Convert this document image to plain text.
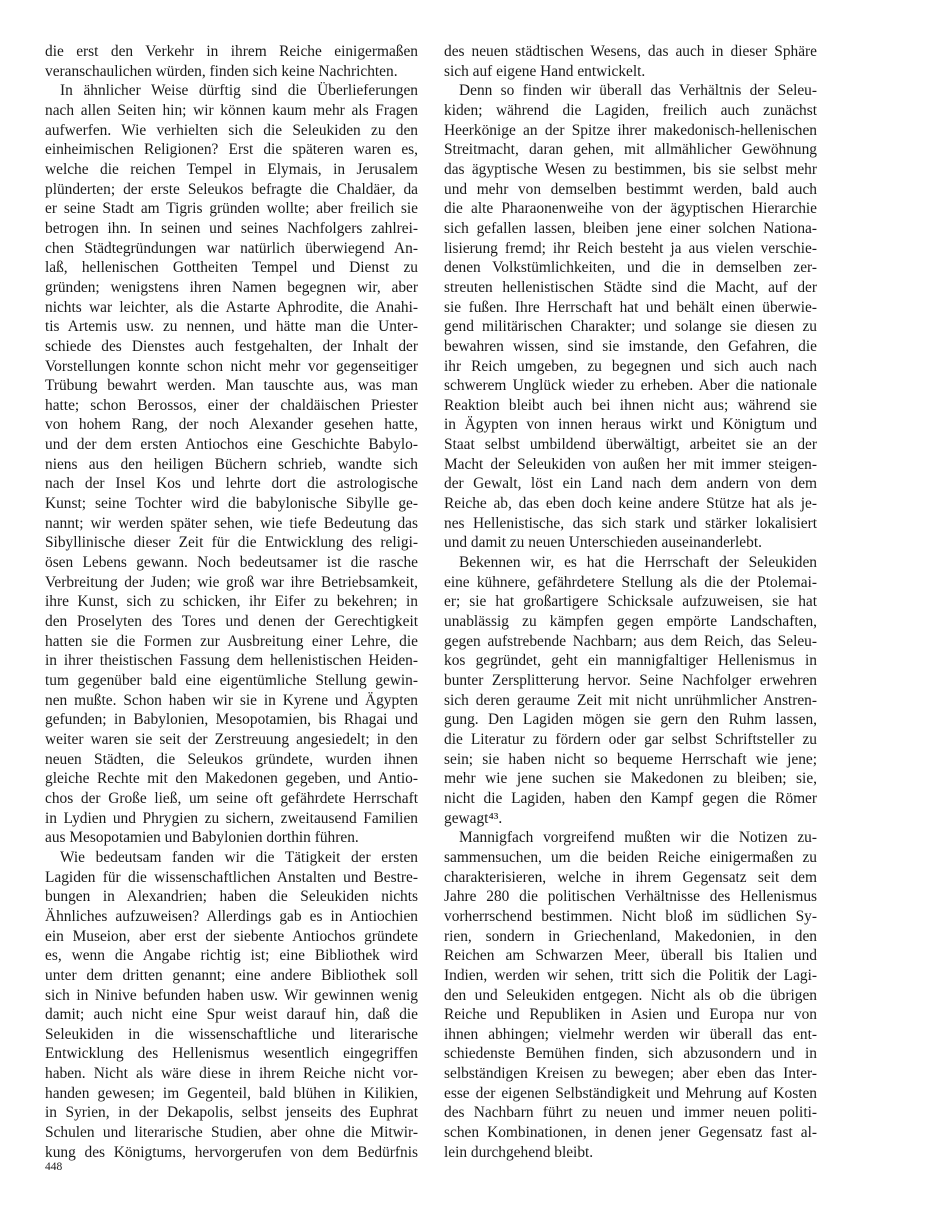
die erst den Verkehr in ihrem Reiche einigermaßen
veranschaulichen würden, finden sich keine Nachrichten.
In ähnlicher Weise dürftig sind die Überlieferungen
nach allen Seiten hin; wir können kaum mehr als Fragen
aufwerfen. Wie verhielten sich die Seleukiden zu den
einheimischen Religionen? Erst die späteren waren es,
welche die reichen Tempel in Elymais, in Jerusalem
plünderten; der erste Seleukos befragte die Chaldäer, da
er seine Stadt am Tigris gründen wollte; aber freilich sie
betrogen ihn. In seinen und seines Nachfolgers zahlrei-
chen Städtegründungen war natürlich überwiegend An-
laß, hellenischen Gottheiten Tempel und Dienst zu
gründen; wenigstens ihren Namen begegnen wir, aber
nichts war leichter, als die Astarte Aphrodite, die Anahi-
tis Artemis usw. zu nennen, und hätte man die Unter-
schiede des Dienstes auch festgehalten, der Inhalt der
Vorstellungen konnte schon nicht mehr vor gegenseitiger
Trübung bewahrt werden. Man tauschte aus, was man
hatte; schon Berossos, einer der chaldäischen Priester
von hohem Rang, der noch Alexander gesehen hatte,
und der dem ersten Antiochos eine Geschichte Babylo-
niens aus den heiligen Büchern schrieb, wandte sich
nach der Insel Kos und lehrte dort die astrologische
Kunst; seine Tochter wird die babylonische Sibylle ge-
nannt; wir werden später sehen, wie tiefe Bedeutung das
Sibyllinische dieser Zeit für die Entwicklung des religi-
ösen Lebens gewann. Noch bedeutsamer ist die rasche
Verbreitung der Juden; wie groß war ihre Betriebsamkeit,
ihre Kunst, sich zu schicken, ihr Eifer zu bekehren; in
den Proselyten des Tores und denen der Gerechtigkeit
hatten sie die Formen zur Ausbreitung einer Lehre, die
in ihrer theistischen Fassung dem hellenistischen Heiden-
tum gegenüber bald eine eigentümliche Stellung gewin-
nen mußte. Schon haben wir sie in Kyrene und Ägypten
gefunden; in Babylonien, Mesopotamien, bis Rhagai und
weiter waren sie seit der Zerstreuung angesiedelt; in den
neuen Städten, die Seleukos gründete, wurden ihnen
gleiche Rechte mit den Makedonen gegeben, und Antio-
chos der Große ließ, um seine oft gefährdete Herrschaft
in Lydien und Phrygien zu sichern, zweitausend Familien
aus Mesopotamien und Babylonien dorthin führen.
Wie bedeutsam fanden wir die Tätigkeit der ersten
Lagiden für die wissenschaftlichen Anstalten und Bestre-
bungen in Alexandrien; haben die Seleukiden nichts
Ähnliches aufzuweisen? Allerdings gab es in Antiochien
ein Museion, aber erst der siebente Antiochos gründete
es, wenn die Angabe richtig ist; eine Bibliothek wird
unter dem dritten genannt; eine andere Bibliothek soll
sich in Ninive befunden haben usw. Wir gewinnen wenig
damit; auch nicht eine Spur weist darauf hin, daß die
Seleukiden in die wissenschaftliche und literarische
Entwicklung des Hellenismus wesentlich eingegriffen
haben. Nicht als wäre diese in ihrem Reiche nicht vor-
handen gewesen; im Gegenteil, bald blühen in Kilikien,
in Syrien, in der Dekapolis, selbst jenseits des Euphrat
Schulen und literarische Studien, aber ohne die Mitwir-
kung des Königtums, hervorgerufen von dem Bedürfnis
des neuen städtischen Wesens, das auch in dieser Sphäre
sich auf eigene Hand entwickelt.
Denn so finden wir überall das Verhältnis der Seleu-
kiden; während die Lagiden, freilich auch zunächst
Heerkönige an der Spitze ihrer makedonisch-hellenischen
Streitmacht, daran gehen, mit allmählicher Gewöhnung
das ägyptische Wesen zu bestimmen, bis sie selbst mehr
und mehr von demselben bestimmt werden, bald auch
die alte Pharaonenweihe von der ägyptischen Hierarchie
sich gefallen lassen, bleiben jene einer solchen Nationa-
lisierung fremd; ihr Reich besteht ja aus vielen verschie-
denen Volkstümlichkeiten, und die in demselben zer-
streuten hellenistischen Städte sind die Macht, auf der
sie fußen. Ihre Herrschaft hat und behält einen überwie-
gend militärischen Charakter; und solange sie diesen zu
bewahren wissen, sind sie imstande, den Gefahren, die
ihr Reich umgeben, zu begegnen und sich auch nach
schwerem Unglück wieder zu erheben. Aber die nationale
Reaktion bleibt auch bei ihnen nicht aus; während sie
in Ägypten von innen heraus wirkt und Königtum und
Staat selbst umbildend überwältigt, arbeitet sie an der
Macht der Seleukiden von außen her mit immer steigen-
der Gewalt, löst ein Land nach dem andern von dem
Reiche ab, das eben doch keine andere Stütze hat als je-
nes Hellenistische, das sich stark und stärker lokalisiert
und damit zu neuen Unterschieden auseinanderlebt.
Bekennen wir, es hat die Herrschaft der Seleukiden
eine kühnere, gefährdetere Stellung als die der Ptolemai-
er; sie hat großartigere Schicksale aufzuweisen, sie hat
unablässig zu kämpfen gegen empörte Landschaften,
gegen aufstrebende Nachbarn; aus dem Reich, das Seleu-
kos gegründet, geht ein mannigfaltiger Hellenismus in
bunter Zersplitterung hervor. Seine Nachfolger erwehren
sich deren geraume Zeit mit nicht unrühmlicher Anstren-
gung. Den Lagiden mögen sie gern den Ruhm lassen,
die Literatur zu fördern oder gar selbst Schriftsteller zu
sein; sie haben nicht so bequeme Herrschaft wie jene;
mehr wie jene suchen sie Makedonen zu bleiben; sie,
nicht die Lagiden, haben den Kampf gegen die Römer
gewagt⁴³.
Mannigfach vorgreifend mußten wir die Notizen zu-
sammensuchen, um die beiden Reiche einigermaßen zu
charakterisieren, welche in ihrem Gegensatz seit dem
Jahre 280 die politischen Verhältnisse des Hellenismus
vorherrschend bestimmen. Nicht bloß im südlichen Sy-
rien, sondern in Griechenland, Makedonien, in den
Reichen am Schwarzen Meer, überall bis Italien und
Indien, werden wir sehen, tritt sich die Politik der Lagi-
den und Seleukiden entgegen. Nicht als ob die übrigen
Reiche und Republiken in Asien und Europa nur von
ihnen abhingen; vielmehr werden wir überall das ent-
schiedenste Bemühen finden, sich abzusondern und in
selbständigen Kreisen zu bewegen; aber eben das Inter-
esse der eigenen Selbständigkeit und Mehrung auf Kosten
des Nachbarn führt zu neuen und immer neuen politi-
schen Kombinationen, in denen jener Gegensatz fast al-
lein durchgehend bleibt.
448
